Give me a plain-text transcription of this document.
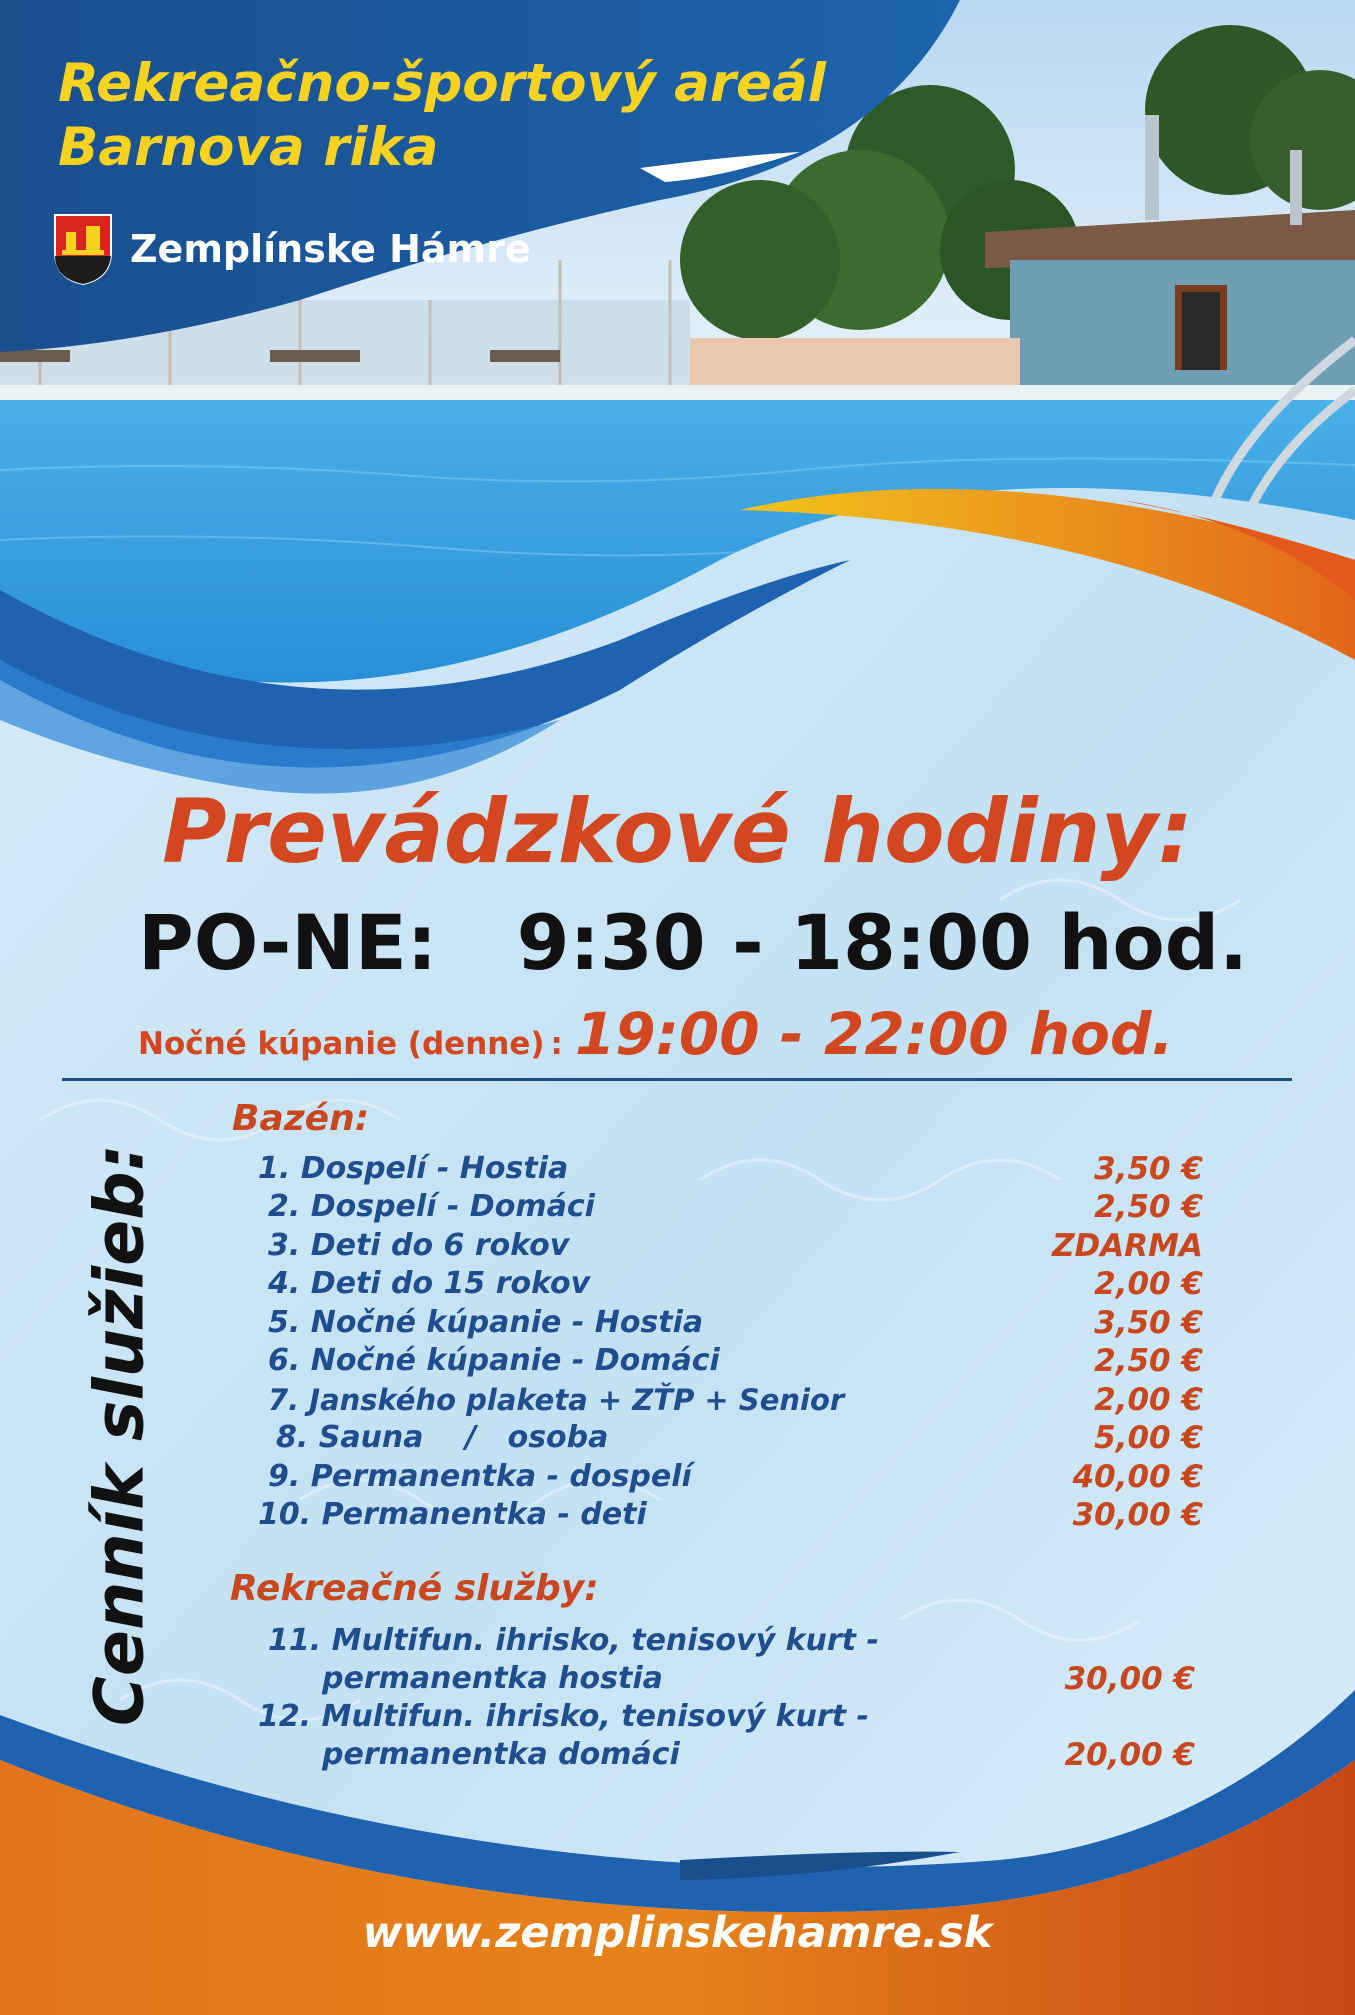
Rekreačno-športový areál
Barnova rika
Zemplínske Hámre
Prevádzkové hodiny:
PO-NE: 9:30 - 18:00 hod.
Nočné kúpanie (denne) : 19:00 - 22:00 hod.
Cenník služieb:
Bazén:
1. Dospelí - Hostia	3,50 €
2. Dospelí - Domáci	2,50 €
3. Deti do 6 rokov	ZDARMA
4. Deti do 15 rokov	2,00 €
5. Nočné kúpanie - Hostia	3,50 €
6. Nočné kúpanie - Domáci	2,50 €
7. Janského plaketa + ZŤP + Senior	2,00 €
8. Sauna    /   osoba	5,00 €
9. Permanentka - dospelí	40,00 €
10. Permanentka - deti	30,00 €
Rekreačné služby:
11. Multifun. ihrisko, tenisový kurt -
permanentka hostia	30,00 €
12. Multifun. ihrisko, tenisový kurt -
permanentka domáci	20,00 €
www.zemplinskehamre.sk
